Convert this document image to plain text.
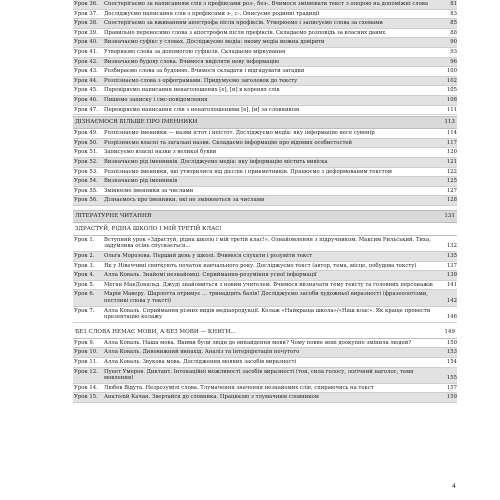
Урок 36.	Спостерігаємо за написанням слів з префіксами роз-, без-. Вчимося змінювати текст з опорою на допоміжні слова	81
Урок 37.	Досліджуємо написання слів з префіксами з-, с-. Описуємо родинні традиції	83
Урок 38.	Спостерігаємо за вживанням апострофа після префіксів. Утворюємо і записуємо слова за схемами	85
Урок 39.	Правильно переносимо слова з апострофом після префіксів. Складаємо розповідь за власних даних	88
Урок 40.	Визначаємо суфікс у словах. Досліджуємо медіа: якому медіа можна довіряти	90
Урок 41.	Утворюємо слова за допомогою суфіксів. Складаємо міркування	93
Урок 42.	Визначаємо будову слова. Вчимося виділяти нову інформацію	96
Урок 43.	Розбираємо слова за будовою. Вчимося складати і відгадувати загадки	100
Урок 44.	Розпізнаємо слова з орфограмами. Придумуємо заголовок до тексту	102
Урок 45.	Перевіряємо написання ненаголошених [е], [и] в коренях слів	105
Урок 46.	Пишемо записку і смс-повідомлення	108
Урок 47.	Перевіряємо написання слів з ненаголошеними [е], [и] за словником	111
ДІЗНАЄМОСЯ БІЛЬШЕ ПРО ІМЕННИКИ	113
Урок 49.	Розпізнаємо іменники — назви істот і неістот. Досліджуємо медіа: яку інформацію несе сувенір	114
Урок 50.	Розрізняємо власні та загальні назви. Складаємо інформацію про відомих особистостей	117
Урок 51.	Записуємо власні назви з великої букви	120
Урок 52.	Визначаємо рід іменників. Досліджуємо медіа: яку інформацію містить вивіска	121
Урок 53.	Розпізнаємо іменники, які утворилися від дієслів і прикметників. Працюємо з деформованим текстом	122
Урок 54.	Визначаємо рід іменників	125
Урок 55.	Змінюємо іменники за числами	127
Урок 56.	Дізнаємось про іменники, які не змінюються за числами	128
ЛІТЕРАТУРНЕ ЧИТАННЯ	131
ЗДРАСТУЙ, РІДНА ШКОЛО І МІЙ ТРЕТІЙ КЛАС!
Урок 1.	Вступний урок «Здрастуй, рідна школо і мій третій клас!». Ознайомлення з підручником. Максим Рильський. Тиха, задумлива осінь спускається...	132
Урок 2.	Ольга Морозова. Перший день у школі. Вчимося слухати і розуміти текст	135
Урок 3.	Як у Нівеччині святкують початок навчального року. Досліджуємо текст (автор, тема, місце, побудова тексту)	137
Урок 4.	Алла Коваль. Знайомі незнайомці. Сприймання-розуміння усної інформації	139
Урок 5.	Меган МакДональд. Джуді знайомиться з новим учителем. Вчимося визначати тему тексту та головних персонажів	141
Урок 6.	Марія Маверу. Шарлотта отримує ... тринадцять балів! Досліджуємо засоби художньої виразності (фразеологізми, пестливі слова у тексті)	142
Урок 7.	Алла Коваль. Сприймання різних видів медіапродукції. Колаж «Найкраща школа»/«Наш клас». Як краще провести презентацію колажу	146
БЕЗ СЛОВА НЕМАЄ МОВИ, А БЕЗ МОВИ — КНИГИ...	149
Урок 9.	Алла Коваль. Наша мова. Якими були люди до винайдення мови? Чому повне мові доокупно змінила людей?	150
Урок 10.	Алла Коваль. Дивовижний винахід. Аналіз та інтерпретація почутого	153
Урок 11.	Алла Коваль. Звукова мова. Дослідження мовних засобів виразності	154
Урок 12.	Пуеет Умеров. Диктант. Інтонаційні можливості засобів виразності (тон, сила голосу, логічний наголос, темп мовлення)	155
Урок 14.	Любов Відута. Незрозумілі слова. Тлумачення значення незнайомих слів, спираючись на текст	157
Урок 15.	Анатолій Качан. Звертайся до словника. Працюємо з тлумачним словником	159
4
